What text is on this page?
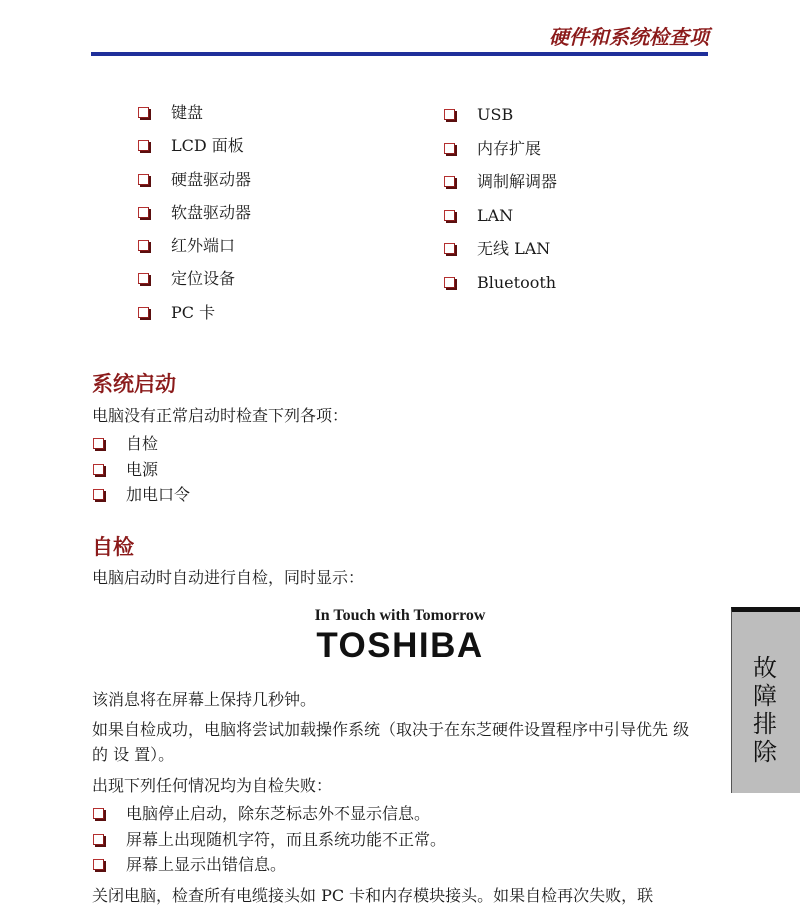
硬件和系统检查项
键盘
LCD 面板
硬盘驱动器
软盘驱动器
红外端口
定位设备
PC 卡
USB
内存扩展
调制解调器
LAN
无线 LAN
Bluetooth
系统启动

电脑没有正常启动时检查下列各项：

自检
电源
加电口令
自检

电脑启动时自动进行自检，同时显示：

In Touch with Tomorrow
TOSHIBA

该消息将在屏幕上保持几秒钟。

如果自检成功，电脑将尝试加载操作系统（取决于在东芝硬件设置程序中引导优先 级 的 设 置）。

出现下列任何情况均为自检失败：

电脑停止启动，除东芝标志外不显示信息。
屏幕上出现随机字符，而且系统功能不正常。
屏幕上显示出错信息。

关闭电脑，检查所有电缆接头如 PC 卡和内存模块接头。如果自检再次失败，联

故障排除
